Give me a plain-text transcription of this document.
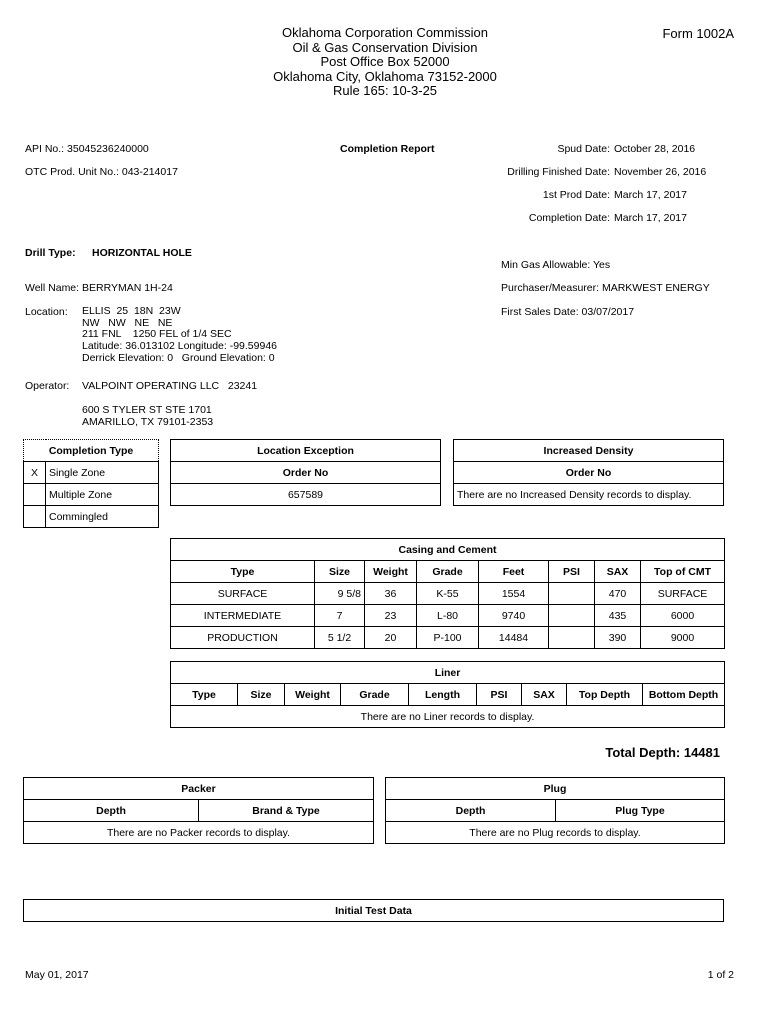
Oklahoma Corporation Commission
Oil & Gas Conservation Division
Post Office Box 52000
Oklahoma City, Oklahoma 73152-2000
Rule 165: 10-3-25
Form 1002A
API No.: 35045236240000	Completion Report
OTC Prod. Unit No.: 043-214017
Spud Date: October 28, 2016
Drilling Finished Date: November 26, 2016
1st Prod Date: March 17, 2017
Completion Date: March 17, 2017
Drill Type: HORIZONTAL HOLE
Min Gas Allowable: Yes
Well Name: BERRYMAN 1H-24	Purchaser/Measurer: MARKWEST ENERGY
Location: ELLIS  25  18N  23W
NW   NW   NE   NE
211 FNL    1250 FEL of 1/4 SEC
Latitude: 36.013102 Longitude: -99.59946
Derrick Elevation: 0   Ground Elevation: 0
First Sales Date: 03/07/2017
Operator: VALPOINT OPERATING LLC   23241
600 S TYLER ST STE 1701
AMARILLO, TX 79101-2353
Completion Type	
X	Single Zone
	Multiple Zone
	Commingled
Location Exception
Order No
657589
Increased Density
Order No
There are no Increased Density records to display.
Casing and Cement							
Type	Size	Weight	Grade	Feet	PSI	SAX	Top of CMT
SURFACE	9 5/8	36	K-55	1554		470	SURFACE
INTERMEDIATE	7	23	L-80	9740		435	6000
PRODUCTION	5 1/2	20	P-100	14484		390	9000
Liner
Type	Size	Weight	Grade	Length	PSI	SAX	Top Depth	Bottom Depth
There are no Liner records to display.
Total Depth: 14481
Packer
Depth	Brand & Type
There are no Packer records to display.
Plug
Depth	Plug Type
There are no Plug records to display.
Initial Test Data
May 01, 2017	1 of 2
